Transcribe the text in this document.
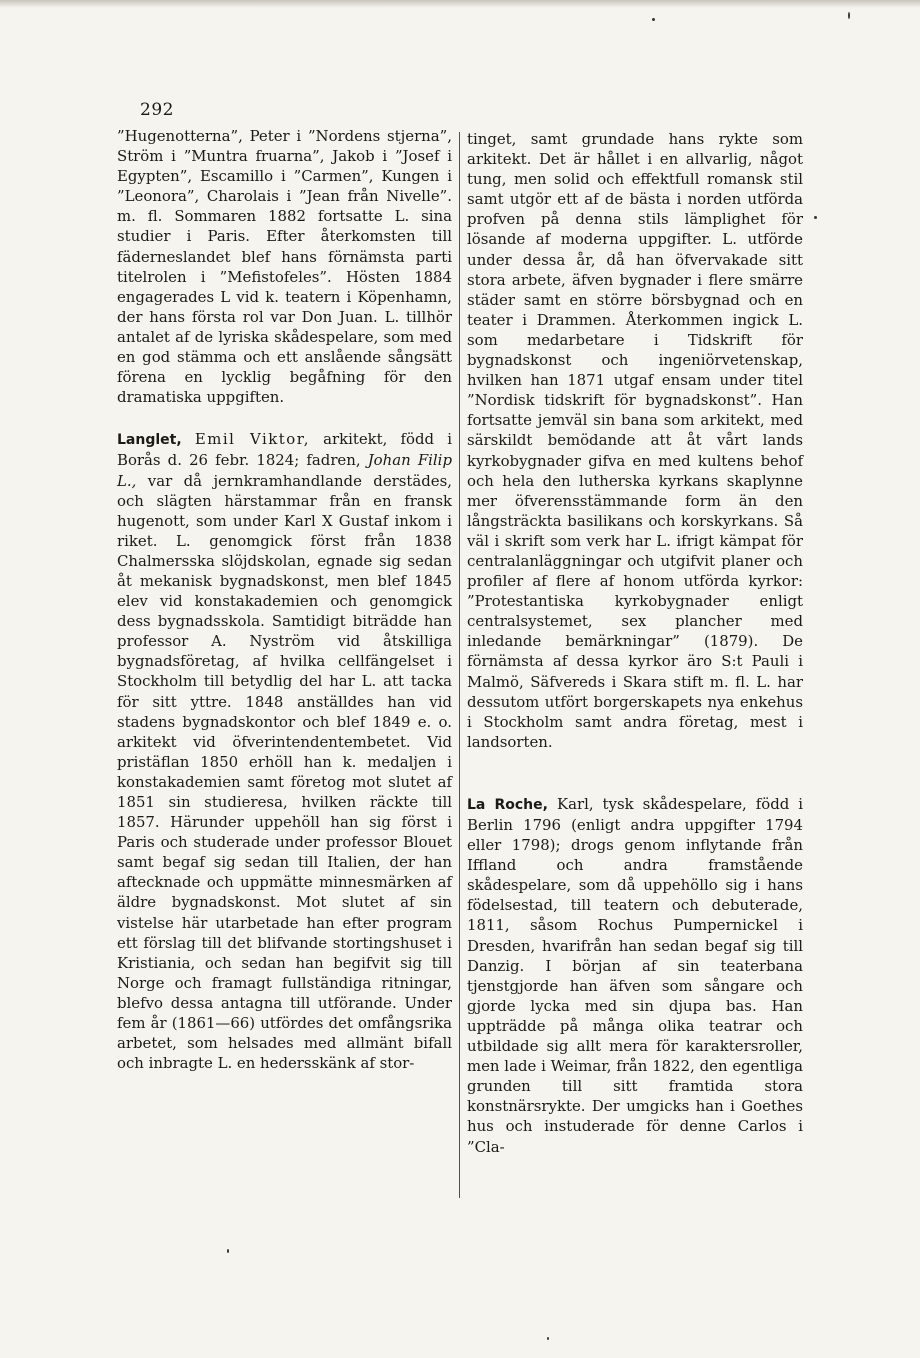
292

”Hugenotterna”, Peter i ”Nordens stjerna”, Ström i ”Muntra fruarna”, Jakob i ”Josef i Egypten”, Escamillo i ”Carmen”, Kungen i ”Leonora”, Charolais i ”Jean från Nivelle”. m. fl. Sommaren 1882 fortsatte L. sina studier i Paris. Efter återkomsten till fäderneslandet blef hans förnämsta parti titelrolen i ”Mefistofeles”. Hösten 1884 engagerades L vid k. teatern i Köpenhamn, der hans första rol var Don Juan. L. tillhör antalet af de lyriska skådespelare, som med en god stämma och ett anslående sångsätt förena en lycklig begåfning för den dramatiska uppgiften.

Langlet, Emil Viktor, arkitekt, född i Borås d. 26 febr. 1824; fadren, Johan Filip L., var då jernkramhandlande derstädes, och slägten härstammar från en fransk hugenott, som under Karl X Gustaf inkom i riket. L. genomgick först från 1838 Chalmersska slöjdskolan, egnade sig sedan åt mekanisk bygnadskonst, men blef 1845 elev vid konstakademien och genomgick dess bygnadsskola. Samtidigt biträdde han professor A. Nyström vid åtskilliga bygnadsföretag, af hvilka cellfängelset i Stockholm till betydlig del har L. att tacka för sitt yttre. 1848 anställdes han vid stadens bygnadskontor och blef 1849 e. o. arkitekt vid öfverintendentembetet. Vid pristäflan 1850 erhöll han k. medaljen i konstakademien samt företog mot slutet af 1851 sin studieresa, hvilken räckte till 1857. Härunder uppehöll han sig först i Paris och studerade under professor Blouet samt begaf sig sedan till Italien, der han aftecknade och uppmätte minnesmärken af äldre bygnadskonst. Mot slutet af sin vistelse här utarbetade han efter program ett förslag till det blifvande stortingshuset i Kristiania, och sedan han begifvit sig till Norge och framagt fullständiga ritningar, blefvo dessa antagna till utförande. Under fem år (1861—66) utfördes det omfångsrika arbetet, som helsades med allmänt bifall och inbragte L. en hedersskänk af stor-

tinget, samt grundade hans rykte som arkitekt. Det är hållet i en allvarlig, något tung, men solid och effektfull romansk stil samt utgör ett af de bästa i norden utförda profven på denna stils lämplighet för lösande af moderna uppgifter. L. utförde under dessa år, då han öfvervakade sitt stora arbete, äfven bygnader i flere smärre städer samt en större börsbygnad och en teater i Drammen. Återkommen ingick L. som medarbetare i Tidskrift för bygnadskonst och ingeniörvetenskap, hvilken han 1871 utgaf ensam under titel ”Nordisk tidskrift för bygnadskonst”. Han fortsatte jemväl sin bana som arkitekt, med särskildt bemödande att åt vårt lands kyrkobygnader gifva en med kultens behof och hela den lutherska kyrkans skaplynne mer öfverensstämmande form än den långsträckta basilikans och korskyrkans. Så väl i skrift som verk har L. ifrigt kämpat för centralanläggningar och utgifvit planer och profiler af flere af honom utförda kyrkor: ”Protestantiska kyrkobygnader enligt centralsystemet, sex plancher med inledande bemärkningar” (1879). De förnämsta af dessa kyrkor äro S:t Pauli i Malmö, Säfvereds i Skara stift m. fl. L. har dessutom utfört borgerskapets nya enkehus i Stockholm samt andra företag, mest i landsorten.

La Roche, Karl, tysk skådespelare, född i Berlin 1796 (enligt andra uppgifter 1794 eller 1798); drogs genom inflytande från Iffland och andra framstående skådespelare, som då uppehöllo sig i hans födelsestad, till teatern och debuterade, 1811, såsom Rochus Pumpernickel i Dresden, hvarifrån han sedan begaf sig till Danzig. I början af sin teaterbana tjenstgjorde han äfven som sångare och gjorde lycka med sin djupa bas. Han uppträdde på många olika teatrar och utbildade sig allt mera för karaktersroller, men lade i Weimar, från 1822, den egentliga grunden till sitt framtida stora konstnärsrykte. Der umgicks han i Goethes hus och instuderade för denne Carlos i ”Cla-
